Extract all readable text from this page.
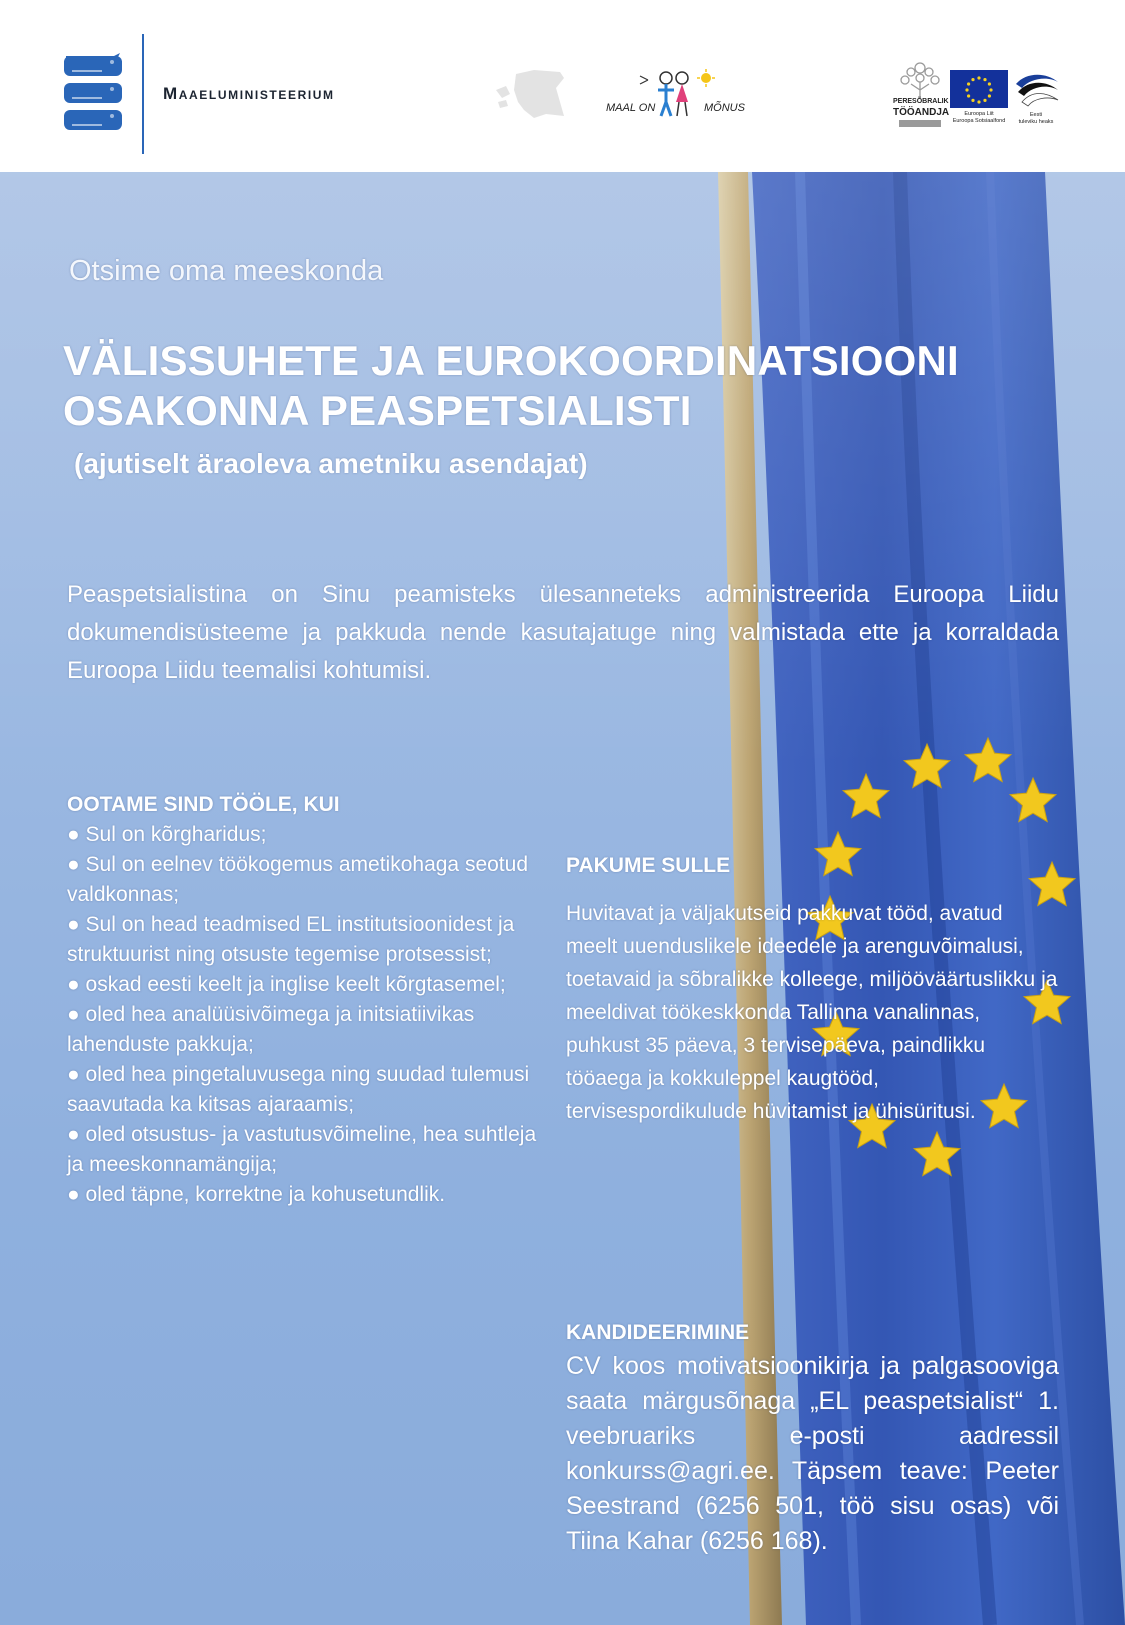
Maaeluministeerium
MAAL ON	MÕNUS
PERESÕBRALIK
TÖÖANDJA	Euroopa Liit
Euroopa Sotsiaalfond
Eesti
tuleviku heaks
Otsime oma meeskonda
VÄLISSUHETE JA EUROKOORDINATSIOONI
OSAKONNA PEASPETSIALISTI
(ajutiselt äraoleva ametniku asendajat)
Peaspetsialistina on Sinu peamisteks ülesanneteks administreerida Euroopa Liidu dokumendisüsteeme ja pakkuda nende kasutajatuge ning valmistada ette ja korraldada Euroopa Liidu teemalisi kohtumisi.
OOTAME SIND TÖÖLE, KUI
● Sul on kõrgharidus;
● Sul on eelnev töökogemus ametikohaga seotud valdkonnas;
● Sul on head teadmised EL institutsioonidest ja struktuurist ning otsuste tegemise protsessist;
● oskad eesti keelt ja inglise keelt kõrgtasemel;
● oled hea analüüsivõimega ja initsiatiivikas lahenduste pakkuja;
● oled hea pingetaluvusega ning suudad tulemusi saavutada ka kitsas ajaraamis;
● oled otsustus- ja vastutusvõimeline, hea suhtleja ja meeskonnamängija;
● oled täpne, korrektne ja kohusetundlik.
PAKUME SULLE
Huvitavat ja väljakutseid pakkuvat tööd, avatud meelt uuenduslikele ideedele ja arenguvõimalusi, toetavaid ja sõbralikke kolleege, miljööväärtuslikku ja meeldivat töökeskkonda Tallinna vanalinnas, puhkust 35 päeva, 3 tervisepäeva, paindlikku tööaega ja kokkuleppel kaugtööd, tervisespordikulude hüvitamist ja ühisüritusi.
KANDIDEERIMINE
CV koos motivatsioonikirja ja palgasooviga saata märgusõnaga „EL peaspetsialist“ 1. veebruariks e-posti aadressil konkurss@agri.ee. Täpsem teave: Peeter Seestrand (6256 501, töö sisu osas) või Tiina Kahar (6256 168).
